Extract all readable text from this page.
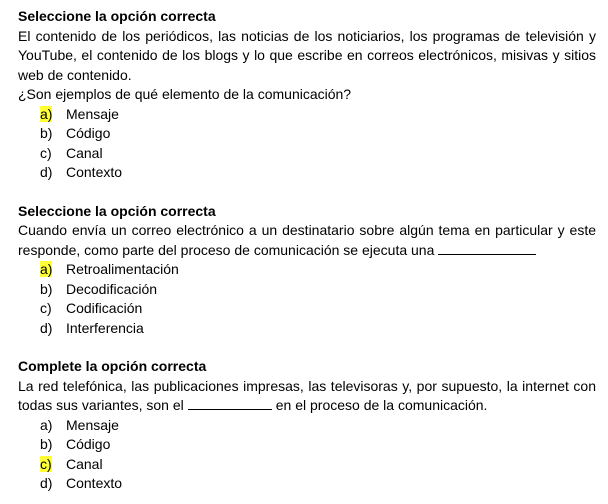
Seleccione la opción correcta

El contenido de los periódicos, las noticias de los noticiarios, los programas de televisión y YouTube, el contenido de los blogs y lo que escribe en correos electrónicos, misivas y sitios web de contenido.

¿Son ejemplos de qué elemento de la comunicación?

a) Mensaje
b) Código
c)	Canal
d) Contexto

Seleccione la opción correcta

Cuando envía un correo electrónico a un destinatario sobre algún tema en particular y este responde, como parte del proceso de comunicación se ejecuta una

a) Retroalimentación
b) Decodificación
c)	Codificación
d) Interferencia

Complete la opción correcta

La red telefónica, las publicaciones impresas, las televisoras y, por supuesto, la internet con todas sus variantes, son el	en el proceso de la comunicación.

a) Mensaje
b) Código
c)	Canal
d) Contexto
